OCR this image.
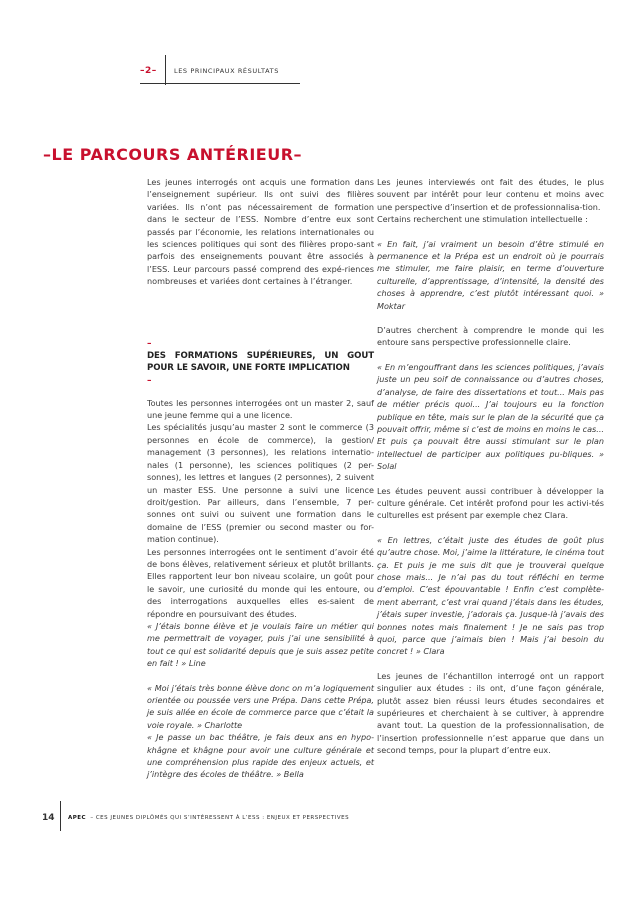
–2–	LES PRINCIPAUX RÉSULTATS
–LE PARCOURS ANTÉRIEUR–

Les jeunes interrogés ont acquis une formation dans l’enseignement supérieur. Ils ont suivi des filières variées. Ils n’ont pas nécessairement de formation dans le secteur de l’ESS. Nombre d’entre eux sont passés par l’économie, les relations internationales ou les sciences politiques qui sont des filières propo-sant parfois des enseignements pouvant être associés à l’ESS. Leur parcours passé comprend des expé-riences nombreuses et variées dont certaines à l’étranger.

–
DES FORMATIONS SUPÉRIEURES, UN GOUT POUR LE SAVOIR, UNE FORTE IMPLICATION
–

Toutes les personnes interrogées ont un master 2, sauf une jeune femme qui a une licence.

Les spécialités jusqu’au master 2 sont le commerce (3 personnes en école de commerce), la gestion/ management (3 personnes), les relations internatio-nales (1 personne), les sciences politiques (2 per-sonnes), les lettres et langues (2 personnes), 2 suivent un master ESS. Une personne a suivi une licence droit/gestion. Par ailleurs, dans l’ensemble, 7 per-sonnes ont suivi ou suivent une formation dans le domaine de l’ESS (premier ou second master ou for-mation continue).

Les personnes interrogées ont le sentiment d’avoir été de bons élèves, relativement sérieux et plutôt brillants. Elles rapportent leur bon niveau scolaire, un goût pour le savoir, une curiosité du monde qui les entoure, ou des interrogations auxquelles elles es-saient de répondre en poursuivant des études.

« J’étais bonne élève et je voulais faire un métier qui me permettrait de voyager, puis j’ai une sensibilité à tout ce qui est solidarité depuis que je suis assez petite en fait ! » Line

« Moi j’étais très bonne élève donc on m’a logiquement orientée ou poussée vers une Prépa. Dans cette Prépa, je suis allée en école de commerce parce que c’était la voie royale. » Charlotte

« Je passe un bac théâtre, je fais deux ans en hypo-khâgne et khâgne pour avoir une culture générale et une compréhension plus rapide des enjeux actuels, et j’intègre des écoles de théâtre. » Bella

Les jeunes interviewés ont fait des études, le plus souvent par intérêt pour leur contenu et moins avec une perspective d’insertion et de professionnalisa-tion.

Certains recherchent une stimulation intellectuelle :

« En fait, j’ai vraiment un besoin d’être stimulé en permanence et la Prépa est un endroit où je pourrais me stimuler, me faire plaisir, en terme d’ouverture culturelle, d’apprentissage, d’intensité, la densité des choses à apprendre, c’est plutôt intéressant quoi. » Moktar

D’autres cherchent à comprendre le monde qui les entoure sans perspective professionnelle claire.

« En m’engouffrant dans les sciences politiques, j’avais juste un peu soif de connaissance ou d’autres choses, d’analyse, de faire des dissertations et tout... Mais pas de métier précis quoi... J’ai toujours eu la fonction publique en tête, mais sur le plan de la sécurité que ça pouvait offrir, même si c’est de moins en moins le cas... Et puis ça pouvait être aussi stimulant sur le plan intellectuel de participer aux politiques pu-bliques. » Solal

Les études peuvent aussi contribuer à développer la culture générale. Cet intérêt profond pour les activi-tés culturelles est présent par exemple chez Clara.

« En lettres, c’était juste des études de goût plus qu’autre chose. Moi, j’aime la littérature, le cinéma tout ça. Et puis je me suis dit que je trouverai quelque chose mais... Je n’ai pas du tout réfléchi en terme d’emploi. C’est épouvantable ! Enfin c’est complète-ment aberrant, c’est vrai quand j’étais dans les études, j’étais super investie, j’adorais ça. Jusque-là j’avais des bonnes notes mais finalement ! Je ne sais pas trop quoi, parce que j’aimais bien ! Mais j’ai besoin du concret ! » Clara

Les jeunes de l’échantillon interrogé ont un rapport singulier aux études : ils ont, d’une façon générale, plutôt assez bien réussi leurs études secondaires et supérieures et cherchaient à se cultiver, à apprendre avant tout. La question de la professionnalisation, de l’insertion professionnelle n’est apparue que dans un second temps, pour la plupart d’entre eux.

14 APEC – CES JEUNES DIPLÔMÉS QUI S’INTÉRESSENT À L’ESS : ENJEUX ET PERSPECTIVES
